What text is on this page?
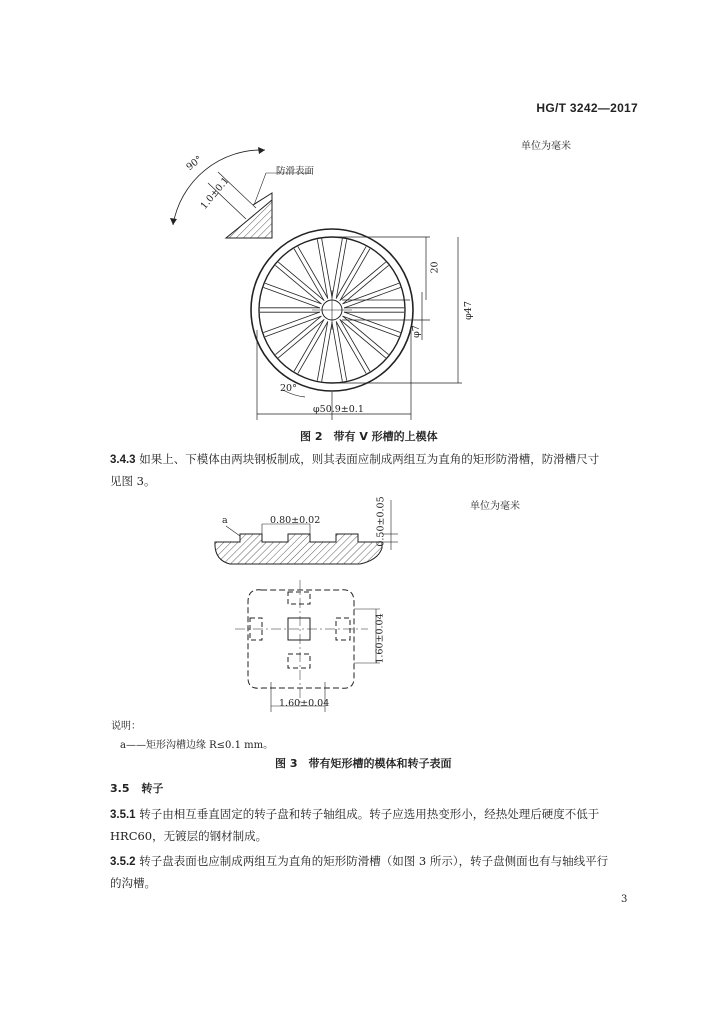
HG/T 3242—2017
单位为毫米
防滑表面
90°
1.0±0.1
20
φ47
φ7
20°
φ50.9±0.1
图 2　带有 V 形槽的上模体
3.4.3 如果上、下模体由两块钢板制成，则其表面应制成两组互为直角的矩形防滑槽，防滑槽尺寸
见图 3。
单位为毫米
a	0.80±0.02	0.50±0.05
1.60±0.04
1.60±0.04
说明：
a——矩形沟槽边缘 R≤0.1 mm。
图 3　带有矩形槽的模体和转子表面
3.5 转子
3.5.1 转子由相互垂直固定的转子盘和转子轴组成。转子应选用热变形小，经热处理后硬度不低于
HRC60，无镀层的钢材制成。
3.5.2 转子盘表面也应制成两组互为直角的矩形防滑槽（如图 3 所示），转子盘侧面也有与轴线平行
的沟槽。
3
